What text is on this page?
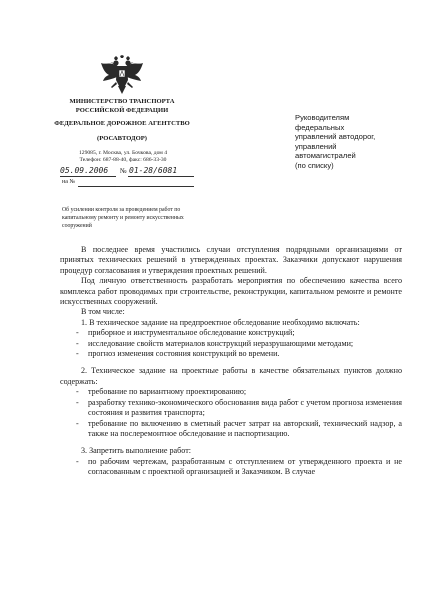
МИНИСТЕРСТВО ТРАНСПОРТА
РОССИЙСКОЙ ФЕДЕРАЦИИ
ФЕДЕРАЛЬНОЕ ДОРОЖНОЕ АГЕНТСТВО
(РОСАВТОДОР)
129085, г. Москва, ул. Бочкова, дом 4
Телефон: 687-88-40, факс: 686-33-30
05.09.2006 № 01-28/6081
на №
Об усилении контроля за проведением работ по
капитальному ремонту и ремонту искусственных
сооружений
Руководителям
федеральных
управлений автодорог,
управлений
автомагистралей
(по списку)

В последнее время участились случаи отступления подрядными организациями от принятых технических решений в утвержденных проектах. Заказчики допускают нарушения процедур согласования и утверждения проектных решений.

Под личную ответственность разработать мероприятия по обеспечению качества всего комплекса работ проводимых при строительстве, реконструкции, капитальном ремонте и ремонте искусственных сооружений.

В том числе:

1. В техническое задание на предпроектное обследование необходимо включать:

- приборное и инструментальное обследование конструкций;
- исследование свойств материалов конструкций неразрушающими методами;
- прогноз изменения состояния конструкций во времени.

2. Техническое задание на проектные работы в качестве обязательных пунктов должно содержать:

- требование по вариантному проектированию;
- разработку технико-экономического обоснования вида работ с учетом прогноза изменения состояния и развития транспорта;
- требование по включению в сметный расчет затрат на авторский, технический надзор, а также на послеремонтное обследование и паспортизацию.

3. Запретить выполнение работ:

- по рабочим чертежам, разработанным с отступлением от утвержденного проекта и не согласованным с проектной организацией и Заказчиком. В случае
